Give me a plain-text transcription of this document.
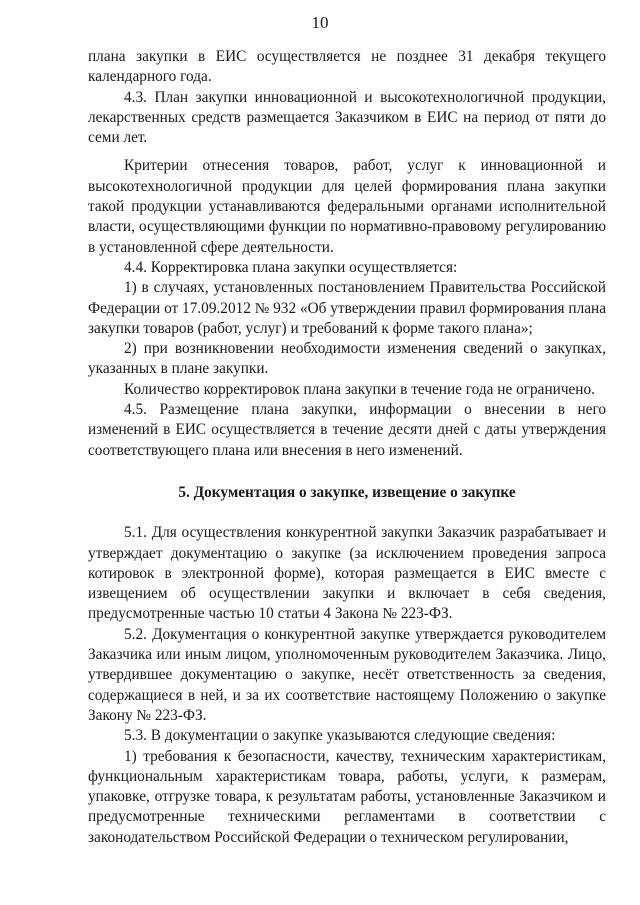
10

плана закупки в ЕИС осуществляется не позднее 31 декабря текущего календарного года.

4.3. План закупки инновационной и высокотехнологичной продукции, лекарственных средств размещается Заказчиком в ЕИС на период от пяти до семи лет.

Критерии отнесения товаров, работ, услуг к инновационной и высокотехнологичной продукции для целей формирования плана закупки такой продукции устанавливаются федеральными органами исполнительной власти, осуществляющими функции по нормативно-правовому регулированию в установленной сфере деятельности.

4.4. Корректировка плана закупки осуществляется:

1) в случаях, установленных постановлением Правительства Российской Федерации от 17.09.2012 № 932 «Об утверждении правил формирования плана закупки товаров (работ, услуг) и требований к форме такого плана»;

2) при возникновении необходимости изменения сведений о закупках, указанных в плане закупки.

Количество корректировок плана закупки в течение года не ограничено.

4.5. Размещение плана закупки, информации о внесении в него изменений в ЕИС осуществляется в течение десяти дней с даты утверждения соответствующего плана или внесения в него изменений.

5. Документация о закупке, извещение о закупке

5.1. Для осуществления конкурентной закупки Заказчик разрабатывает и утверждает документацию о закупке (за исключением проведения запроса котировок в электронной форме), которая размещается в ЕИС вместе с извещением об осуществлении закупки и включает в себя сведения, предусмотренные частью 10 статьи 4 Закона № 223-ФЗ.

5.2. Документация о конкурентной закупке утверждается руководителем Заказчика или иным лицом, уполномоченным руководителем Заказчика. Лицо, утвердившее документацию о закупке, несёт ответственность за сведения, содержащиеся в ней, и за их соответствие настоящему Положению о закупке Закону № 223-ФЗ.

5.3. В документации о закупке указываются следующие сведения:

1) требования к безопасности, качеству, техническим характеристикам, функциональным характеристикам товара, работы, услуги, к размерам, упаковке, отгрузке товара, к результатам работы, установленные Заказчиком и предусмотренные техническими регламентами в соответствии с законодательством Российской Федерации о техническом регулировании,
